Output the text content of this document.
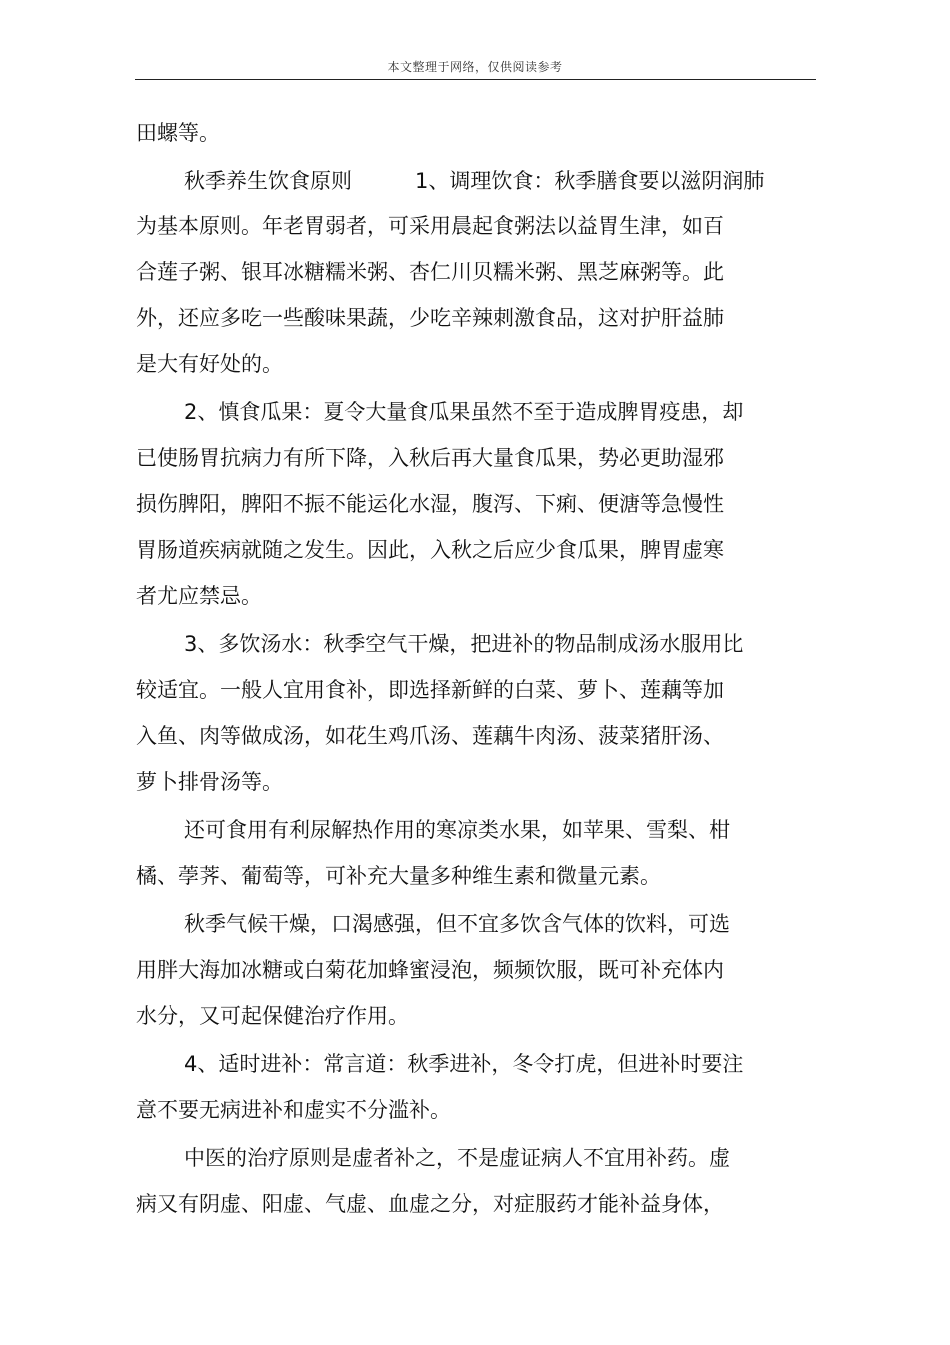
本文整理于网络，仅供阅读参考
田螺等。
秋季养生饮食原则　　　1、调理饮食：秋季膳食要以滋阴润肺
为基本原则。年老胃弱者，可采用晨起食粥法以益胃生津，如百
合莲子粥、银耳冰糖糯米粥、杏仁川贝糯米粥、黑芝麻粥等。此
外，还应多吃一些酸味果蔬，少吃辛辣刺激食品，这对护肝益肺
是大有好处的。
2、慎食瓜果：夏令大量食瓜果虽然不至于造成脾胃疫患，却
已使肠胃抗病力有所下降，入秋后再大量食瓜果，势必更助湿邪
损伤脾阳，脾阳不振不能运化水湿，腹泻、下痢、便溏等急慢性
胃肠道疾病就随之发生。因此，入秋之后应少食瓜果，脾胃虚寒
者尤应禁忌。
3、多饮汤水：秋季空气干燥，把进补的物品制成汤水服用比
较适宜。一般人宜用食补，即选择新鲜的白菜、萝卜、莲藕等加
入鱼、肉等做成汤，如花生鸡爪汤、莲藕牛肉汤、菠菜猪肝汤、
萝卜排骨汤等。
还可食用有利尿解热作用的寒凉类水果，如苹果、雪梨、柑
橘、荸荠、葡萄等，可补充大量多种维生素和微量元素。
秋季气候干燥，口渴感强，但不宜多饮含气体的饮料，可选
用胖大海加冰糖或白菊花加蜂蜜浸泡，频频饮服，既可补充体内
水分，又可起保健治疗作用。
4、适时进补：常言道：秋季进补，冬令打虎，但进补时要注
意不要无病进补和虚实不分滥补。
中医的治疗原则是虚者补之，不是虚证病人不宜用补药。虚
病又有阴虚、阳虚、气虚、血虚之分，对症服药才能补益身体，
